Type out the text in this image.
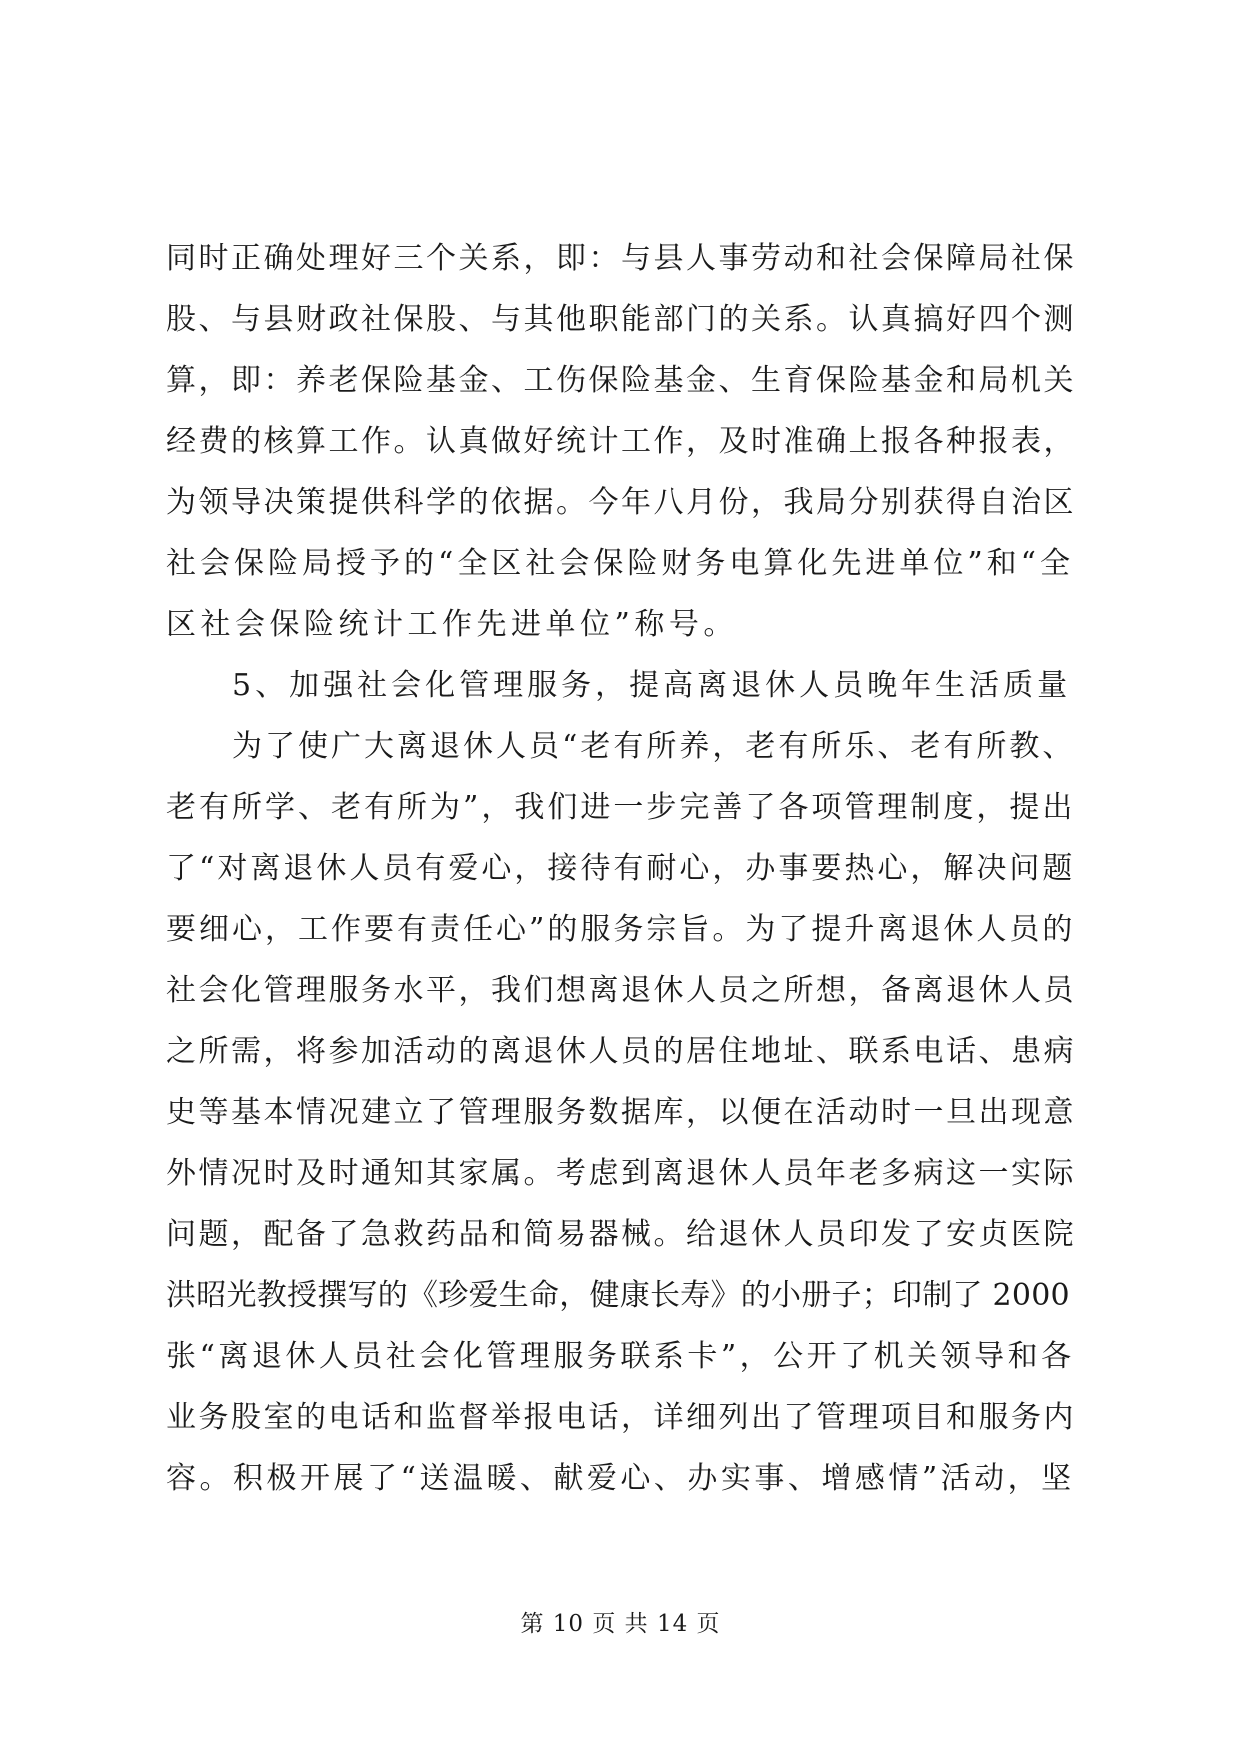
同时正确处理好三个关系，即：与县人事劳动和社会保障局社保
股、与县财政社保股、与其他职能部门的关系。认真搞好四个测
算，即：养老保险基金、工伤保险基金、生育保险基金和局机关
经费的核算工作。认真做好统计工作，及时准确上报各种报表，
为领导决策提供科学的依据。今年八月份，我局分别获得自治区
社会保险局授予的“全区社会保险财务电算化先进单位”和“全
区社会保险统计工作先进单位”称号。
5、加强社会化管理服务，提高离退休人员晚年生活质量
为了使广大离退休人员“老有所养，老有所乐、老有所教、
老有所学、老有所为”，我们进一步完善了各项管理制度，提出
了“对离退休人员有爱心，接待有耐心，办事要热心，解决问题
要细心，工作要有责任心”的服务宗旨。为了提升离退休人员的
社会化管理服务水平，我们想离退休人员之所想，备离退休人员
之所需，将参加活动的离退休人员的居住地址、联系电话、患病
史等基本情况建立了管理服务数据库，以便在活动时一旦出现意
外情况时及时通知其家属。考虑到离退休人员年老多病这一实际
问题，配备了急救药品和简易器械。给退休人员印发了安贞医院
洪昭光教授撰写的《珍爱生命，健康长寿》的小册子；印制了 2000
张“离退休人员社会化管理服务联系卡”，公开了机关领导和各
业务股室的电话和监督举报电话，详细列出了管理项目和服务内
容。积极开展了“送温暖、献爱心、办实事、增感情”活动，坚
第 10 页 共 14 页
